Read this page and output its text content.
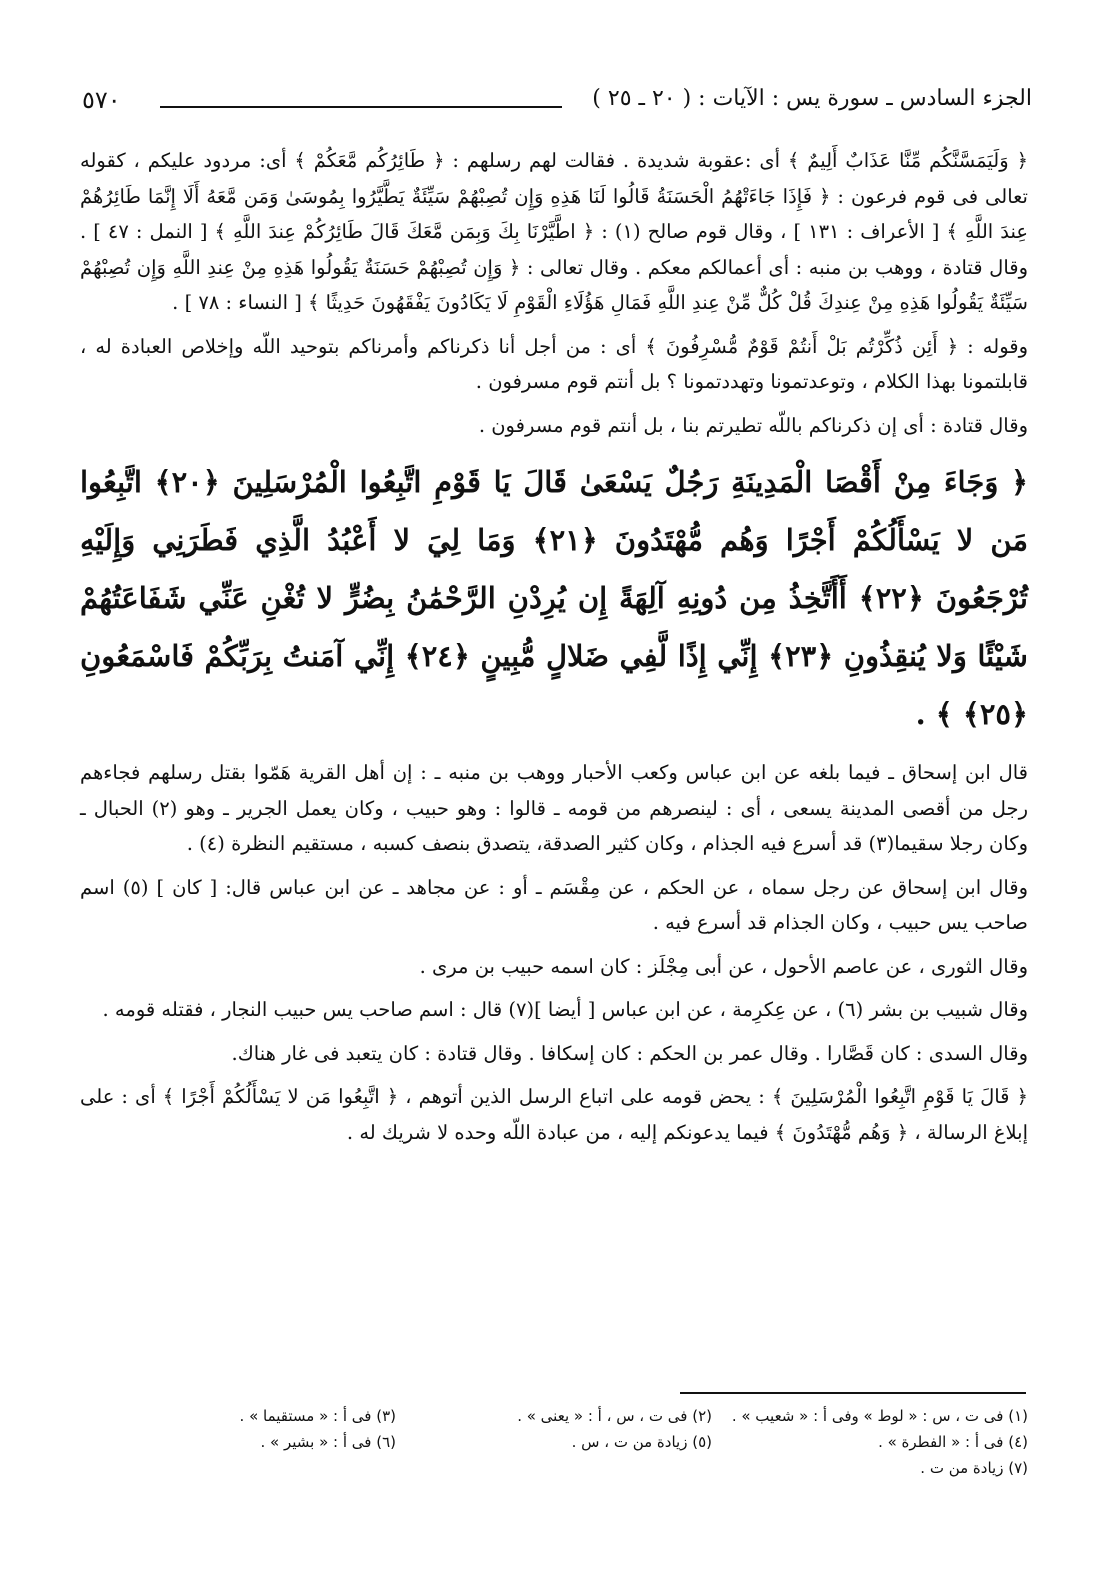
٥٧٠	الجزء السادس ـ سورة يس : الآيات : ( ٢٠ ـ ٢٥ )

﴿ وَلَيَمَسَّنَّكُم مِّنَّا عَذَابٌ أَلِيمٌ ﴾ أى :عقوبة شديدة . فقالت لهم رسلهم : ﴿ طَائِرُكُم مَّعَكُمْ ﴾ أى: مردود عليكم ، كقوله تعالى فى قوم فرعون : ﴿ فَإِذَا جَاءَتْهُمُ الْحَسَنَةُ قَالُوا لَنَا هَذِهِ وَإِن تُصِبْهُمْ سَيِّئَةٌ يَطَّيَّرُوا بِمُوسَىٰ وَمَن مَّعَهُ أَلَا إِنَّمَا طَائِرُهُمْ عِندَ اللَّهِ ﴾ [ الأعراف : ١٣١ ] ، وقال قوم صالح (١) : ﴿ اطَّيَّرْنَا بِكَ وَبِمَن مَّعَكَ قَالَ طَائِرُكُمْ عِندَ اللَّهِ ﴾ [ النمل : ٤٧ ] . وقال قتادة ، ووهب بن منبه : أى أعمالكم معكم . وقال تعالى : ﴿ وَإِن تُصِبْهُمْ حَسَنَةٌ يَقُولُوا هَذِهِ مِنْ عِندِ اللَّهِ وَإِن تُصِبْهُمْ سَيِّئَةٌ يَقُولُوا هَذِهِ مِنْ عِندِكَ قُلْ كُلٌّ مِّنْ عِندِ اللَّهِ فَمَالِ هَؤُلَاءِ الْقَوْمِ لَا يَكَادُونَ يَفْقَهُونَ حَدِيثًا ﴾ [ النساء : ٧٨ ] .

وقوله : ﴿ أَئِن ذُكِّرْتُم بَلْ أَنتُمْ قَوْمٌ مُّسْرِفُونَ ﴾ أى : من أجل أنا ذكرناكم وأمرناكم بتوحيد اللّه وإخلاص العبادة له ، قابلتمونا بهذا الكلام ، وتوعدتمونا وتهددتمونا ؟ بل أنتم قوم مسرفون .

وقال قتادة : أى إن ذكرناكم باللّه تطيرتم بنا ، بل أنتم قوم مسرفون .

﴿ وَجَاءَ مِنْ أَقْصَا الْمَدِينَةِ رَجُلٌ يَسْعَىٰ قَالَ يَا قَوْمِ اتَّبِعُوا الْمُرْسَلِينَ ﴿٢٠﴾ اتَّبِعُوا مَن لا يَسْأَلُكُمْ أَجْرًا وَهُم مُّهْتَدُونَ ﴿٢١﴾ وَمَا لِيَ لا أَعْبُدُ الَّذِي فَطَرَنِي وَإِلَيْهِ تُرْجَعُونَ ﴿٢٢﴾ أَأَتَّخِذُ مِن دُونِهِ آلِهَةً إِن يُرِدْنِ الرَّحْمَٰنُ بِضُرٍّ لا تُغْنِ عَنِّي شَفَاعَتُهُمْ شَيْئًا وَلا يُنقِذُونِ ﴿٢٣﴾ إِنِّي إِذًا لَّفِي ضَلالٍ مُّبِينٍ ﴿٢٤﴾ إِنِّي آمَنتُ بِرَبِّكُمْ فَاسْمَعُونِ ﴿٢٥﴾ ﴾ .

قال ابن إسحاق ـ فيما بلغه عن ابن عباس وكعب الأحبار ووهب بن منبه ـ : إن أهل القرية هَمّوا بقتل رسلهم فجاءهم رجل من أقصى المدينة يسعى ، أى : لينصرهم من قومه ـ قالوا : وهو حبيب ، وكان يعمل الجرير ـ وهو (٢) الحبال ـ وكان رجلا سقيما(٣) قد أسرع فيه الجذام ، وكان كثير الصدقة، يتصدق بنصف كسبه ، مستقيم النظرة (٤) .

وقال ابن إسحاق عن رجل سماه ، عن الحكم ، عن مِقْسَم ـ أو : عن مجاهد ـ عن ابن عباس قال: [ كان ] (٥) اسم صاحب يس حبيب ، وكان الجذام قد أسرع فيه .

وقال الثورى ، عن عاصم الأحول ، عن أبى مِجْلَز : كان اسمه حبيب بن مرى .

وقال شبيب بن بشر (٦) ، عن عِكرِمة ، عن ابن عباس [ أيضا ](٧) قال : اسم صاحب يس حبيب النجار ، فقتله قومه .

وقال السدى : كان قَصَّارا . وقال عمر بن الحكم : كان إسكافا . وقال قتادة : كان يتعبد فى غار هناك.

﴿ قَالَ يَا قَوْمِ اتَّبِعُوا الْمُرْسَلِينَ ﴾ : يحض قومه على اتباع الرسل الذين أتوهم ، ﴿ اتَّبِعُوا مَن لا يَسْأَلُكُمْ أَجْرًا ﴾ أى : على إبلاغ الرسالة ، ﴿ وَهُم مُّهْتَدُونَ ﴾ فيما يدعونكم إليه ، من عبادة اللّه وحده لا شريك له .

(١) فى ت ، س : « لوط » وفى أ : « شعيب » .
(٢) فى ت ، س ، أ : « يعنى » .
(٣) فى أ : « مستقيما » .
(٤) فى أ : « الفطرة » .
(٥) زيادة من ت ، س .
(٦) فى أ : « بشير » .
(٧) زيادة من ت .
